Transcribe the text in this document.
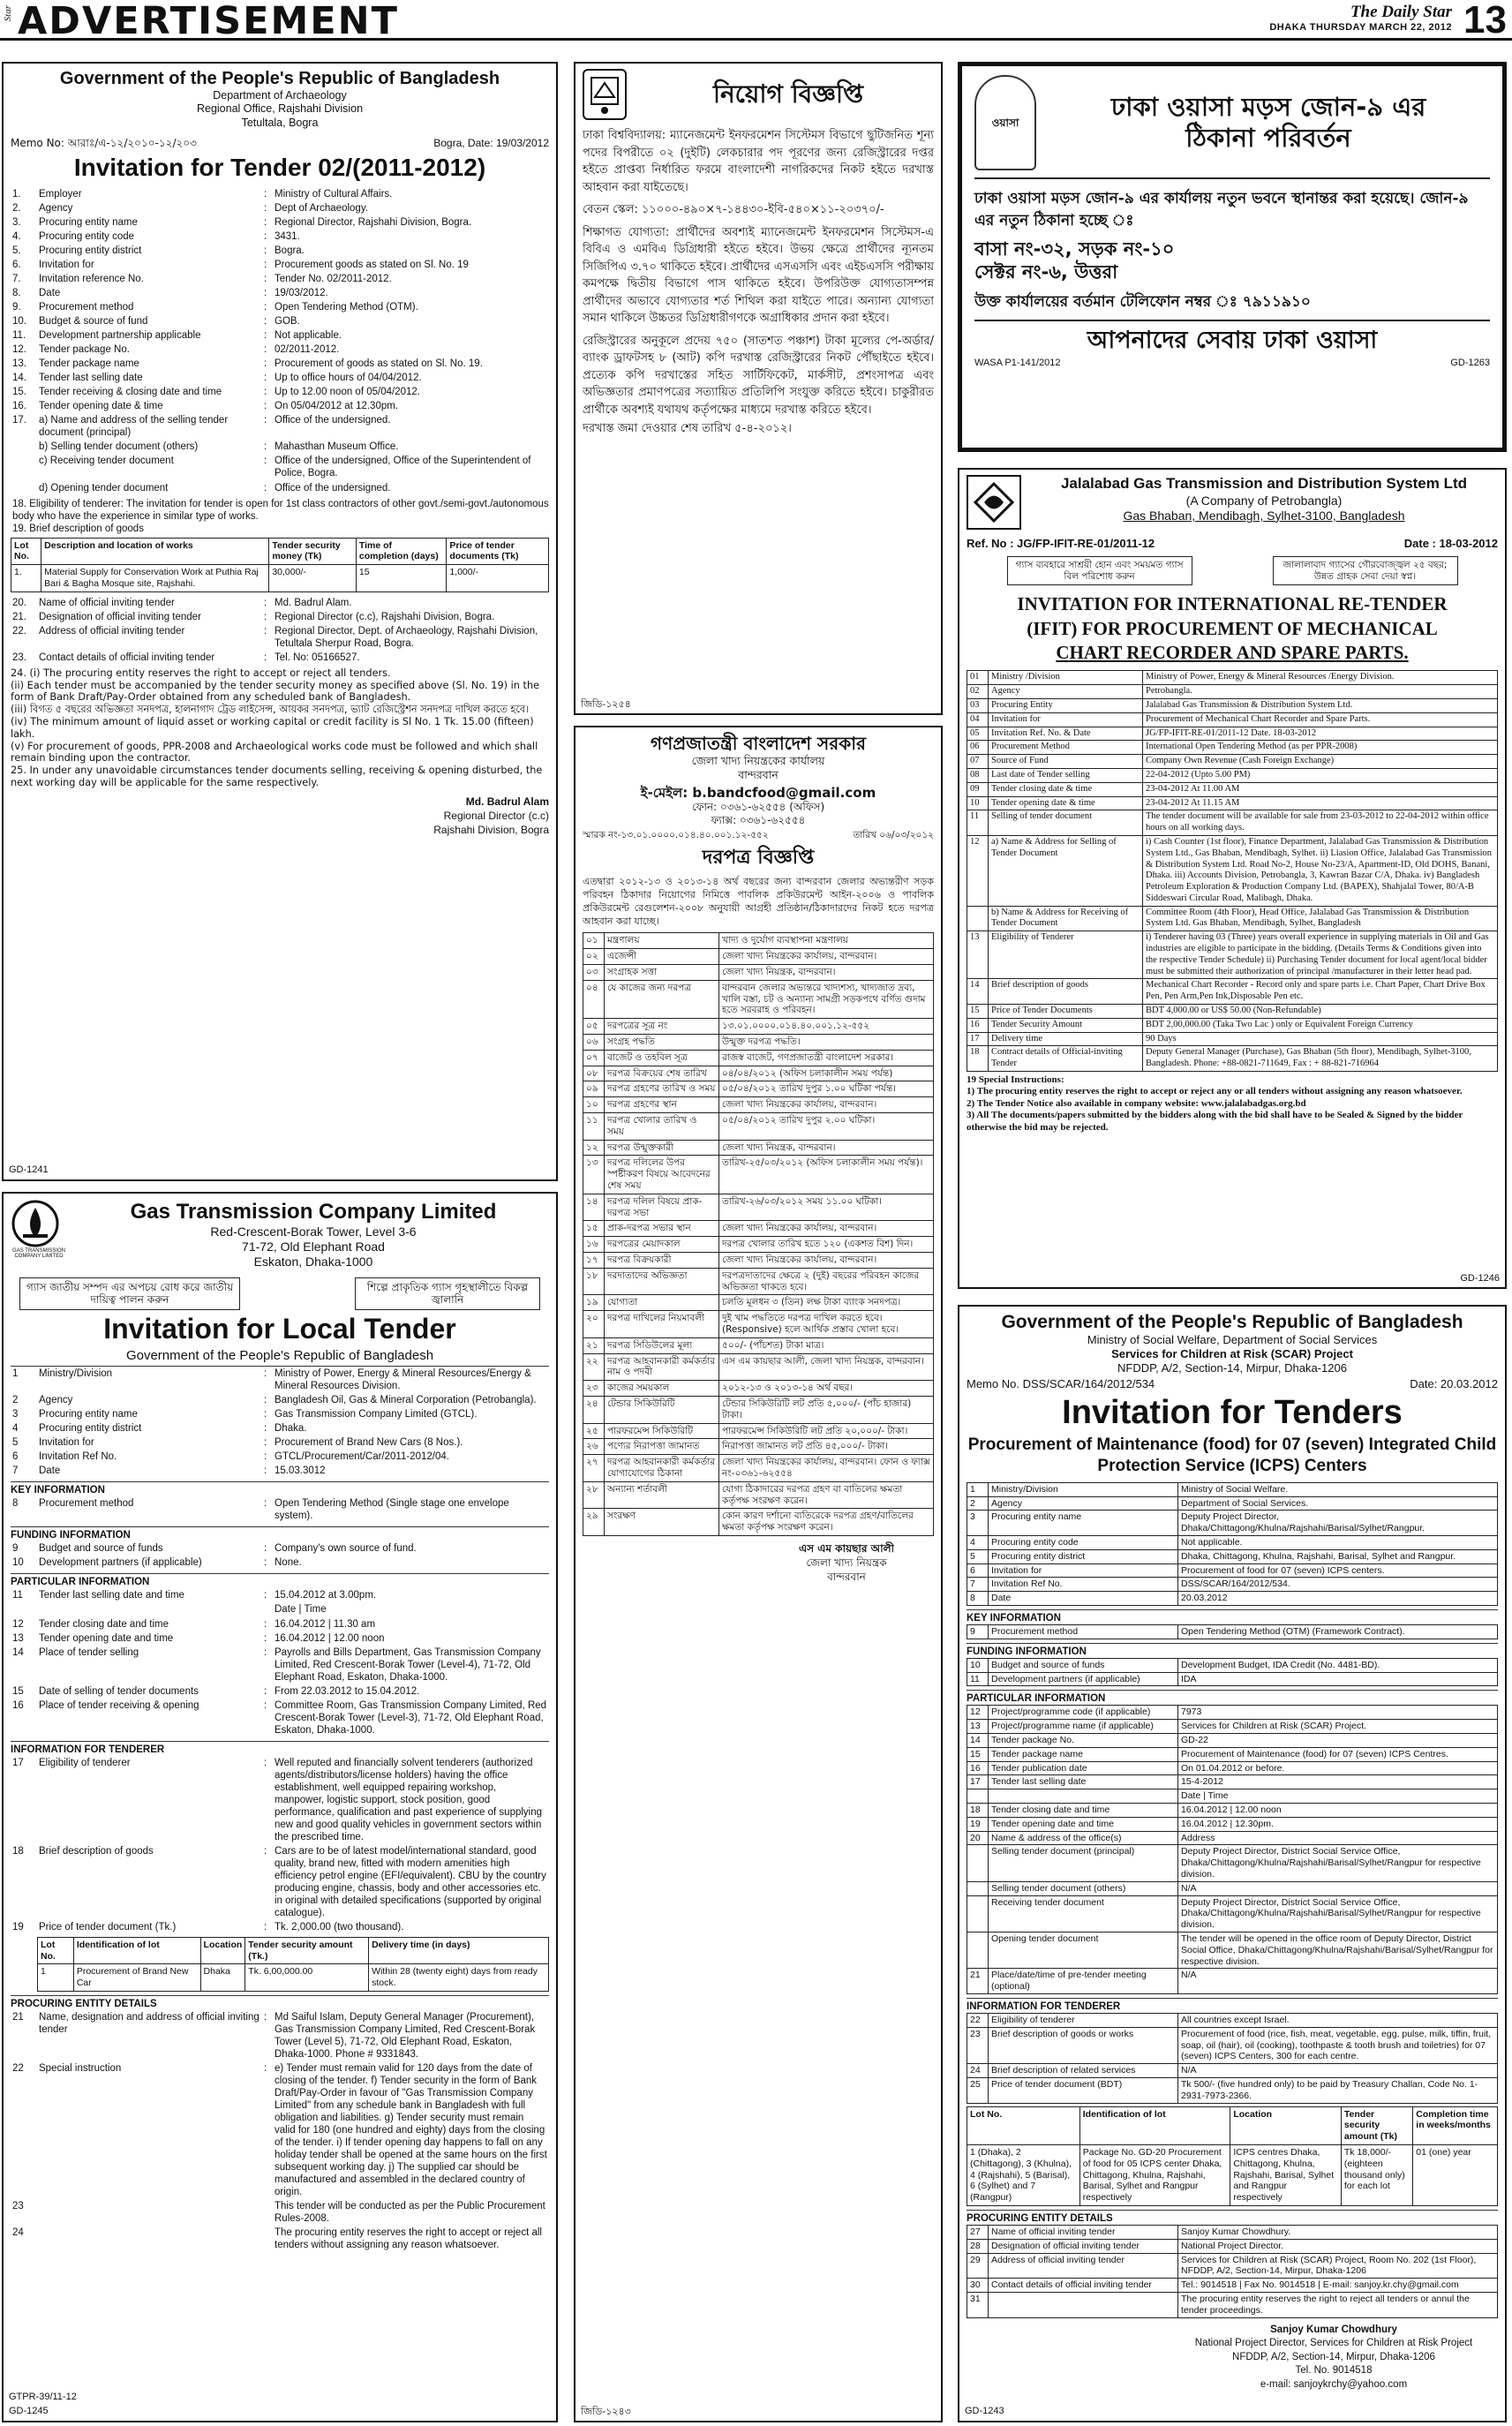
Star ADVERTISEMENT	The Daily Star
DHAKA THURSDAY MARCH 22, 2012 13
Government of the People's Republic of Bangladesh
Department of Archaeology
Regional Office, Rajshahi Division
Tetultala, Bogra
Memo No: আরাঃ/এ-১২/২০১০-১২/২০৩	Bogra, Date: 19/03/2012
Invitation for Tender 02/(2011-2012)
1.	Employer	:	Ministry of Cultural Affairs.
2.	Agency	:	Dept of Archaeology.
3.	Procuring entity name	:	Regional Director, Rajshahi Division, Bogra.
4.	Procuring entity code	:	3431.
5.	Procuring entity district	:	Bogra.
6.	Invitation for	:	Procurement goods as stated on Sl. No. 19
7.	Invitation reference No.	:	Tender No. 02/2011-2012.
8.	Date	:	19/03/2012.
9.	Procurement method	:	Open Tendering Method (OTM).
10.	Budget & source of fund	:	GOB.
11.	Development partnership applicable	:	Not applicable.
12.	Tender package No.	:	02/2011-2012.
13.	Tender package name	:	Procurement of goods as stated on Sl. No. 19.
14.	Tender last selling date	:	Up to office hours of 04/04/2012.
15.	Tender receiving & closing date and time	:	Up to 12.00 noon of 05/04/2012.
16.	Tender opening date & time	:	On 05/04/2012 at 12.30pm.
17.	a) Name and address of the selling tender document (principal)	:	Office of the undersigned.
	b) Selling tender document (others)	:	Mahasthan Museum Office.
	c) Receiving tender document	:	Office of the undersigned, Office of the Superintendent of Police, Bogra.
	d) Opening tender document	:	Office of the undersigned.
18. Eligibility of tenderer: The invitation for tender is open for 1st class contractors of other govt./semi-govt./autonomous body who have the experience in similar type of works.
19. Brief description of goods
Lot No.	Description and location of works	Tender security money (Tk)	Time of completion (days)	Price of tender documents (Tk)
1.	Material Supply for Conservation Work at Puthia Raj Bari & Bagha Mosque site, Rajshahi.	30,000/-	15	1,000/-
20.	Name of official inviting tender	:	Md. Badrul Alam.
21.	Designation of official inviting tender	:	Regional Director (c.c), Rajshahi Division, Bogra.
22.	Address of official inviting tender	:	Regional Director, Dept. of Archaeology, Rajshahi Division, Tetultala Sherpur Road, Bogra.
23.	Contact details of official inviting tender	:	Tel. No: 05166527.
24. (i) The procuring entity reserves the right to accept or reject all tenders.
(ii) Each tender must be accompanied by the tender security money as specified above (Sl. No. 19) in the form of Bank Draft/Pay-Order obtained from any scheduled bank of Bangladesh.
(iii) বিগত ৫ বছরের অভিজ্ঞতা সনদপত্র, হালনাগাদ ট্রেড লাইসেন্স, আয়কর সনদপত্র, ভ্যাট রেজিস্ট্রেশন সনদপত্র দাখিল করতে হবে।
(iv) The minimum amount of liquid asset or working capital or credit facility is Sl No. 1 Tk. 15.00 (fifteen) lakh.
(v) For procurement of goods, PPR-2008 and Archaeological works code must be followed and which shall remain binding upon the contractor.
25. In under any unavoidable circumstances tender documents selling, receiving & opening disturbed, the next working day will be applicable for the same respectively.
Md. Badrul Alam
Regional Director (c.c)
Rajshahi Division, Bogra
GD-1241
নিয়োগ বিজ্ঞপ্তি

ঢাকা বিশ্ববিদ্যালয়: ম্যানেজমেন্ট ইনফরমেশন সিস্টেমস বিভাগে ছুটিজনিত শূন্য পদের বিপরীতে ০২ (দুইটি) লেকচারার পদ পূরণের জন্য রেজিস্ট্রারের দপ্তর হইতে প্রাপ্তব্য নির্ধারিত ফরমে বাংলাদেশী নাগরিকদের নিকট হইতে দরখাস্ত আহবান করা যাইতেছে।

বেতন স্কেল: ১১০০০-৪৯০×৭-১৪৪৩০-ইবি-৫৪০×১১-২০৩৭০/-

শিক্ষাগত যোগ্যতা: প্রার্থীদের অবশ্যই ম্যানেজমেন্ট ইনফরমেশন সিস্টেমস-এ বিবিএ ও এমবিএ ডিগ্রিধারী হইতে হইবে। উভয় ক্ষেত্রে প্রার্থীদের ন্যূনতম সিজিপিএ ৩.৭০ থাকিতে হইবে। প্রার্থীদের এসএসসি এবং এইচএসসি পরীক্ষায় কমপক্ষে দ্বিতীয় বিভাগে পাস থাকিতে হইবে। উপরিউক্ত যোগ্যতাসম্পন্ন প্রার্থীদের অভাবে যোগ্যতার শর্ত শিথিল করা যাইতে পারে। অন্যান্য যোগ্যতা সমান থাকিলে উচ্চতর ডিগ্রিধারীগণকে অগ্রাধিকার প্রদান করা হইবে।

রেজিস্ট্রারের অনুকূলে প্রদেয় ৭৫০ (সাতশত পঞ্চাশ) টাকা মূল্যের পে-অর্ডার/ব্যাংক ড্রাফটসহ ৮ (আট) কপি দরখাস্ত রেজিস্ট্রারের নিকট পৌঁছাইতে হইবে। প্রত্যেক কপি দরখাস্তের সহিত সার্টিফিকেট, মার্কসীট, প্রশংসাপত্র এবং অভিজ্ঞতার প্রমাণপত্রের সত্যায়িত প্রতিলিপি সংযুক্ত করিতে হইবে। চাকুরীরত প্রার্থীকে অবশ্যই যথাযথ কর্তৃপক্ষের মাধ্যমে দরখাস্ত করিতে হইবে।

দরখাস্ত জমা দেওয়ার শেষ তারিখ ৫-৪-২০১২।

জিডি-১২৫৪
গণপ্রজাতন্ত্রী বাংলাদেশ সরকার
জেলা খাদ্য নিয়ন্ত্রকের কার্যালয়
বান্দরবান
ই-মেইল: b.bandcfood@gmail.com
ফোন: ০৩৬১-৬২৫৫৪ (অফিস)
ফ্যাক্স: ০৩৬১-৬২৫৫৪
স্মারক নং-১৩.০১.০০০০.০১৪.৪০.০০১.১২-৫৫২	তারিখ ০৬/০৩/২০১২
দরপত্র বিজ্ঞপ্তি

এতদ্বারা ২০১২-১৩ ও ২০১৩-১৪ অর্থ বছরের জন্য বান্দরবান জেলার অভ্যন্তরীণ সড়ক পরিবহন ঠিকাদার নিয়োগের নিমিত্তে পাবলিক প্রকিউরমেন্ট আইন-২০০৬ ও পাবলিক প্রকিউরমেন্ট রেগুলেশন-২০০৮ অনুযায়ী আগ্রহী প্রতিষ্ঠান/ঠিকাদারদের নিকট হতে দরপত্র আহবান করা যাচ্ছে।

০১	মন্ত্রণালয়	খাদ্য ও দুর্যোগ ব্যবস্থাপনা মন্ত্রণালয়
০২	এজেন্সী	জেলা খাদ্য নিয়ন্ত্রকের কার্যালয়, বান্দরবান।
০৩	সংগ্রাহক সত্তা	জেলা খাদ্য নিয়ন্ত্রক, বান্দরবান।
০৪	যে কাজের জন্য দরপত্র	বান্দরবান জেলার অভ্যন্তরে খাদ্যশস্য, খাদ্যজাত দ্রব্য, খালি বস্তা, চট ও অন্যান্য সামগ্রী সড়কপথে বর্ণিত গুদাম হতে সরবরাহ ও পরিবহন।
০৫	দরপত্রের সূত্র নং	১৩.০১.০০০০.০১৪.৪০.০০১.১২-৫৫২
০৬	সংগ্রহ পদ্ধতি	উন্মুক্ত দরপত্র পদ্ধতি।
০৭	বাজেট ও তহবিল সূত্র	রাজস্ব বাজেট, গণপ্রজাতন্ত্রী বাংলাদেশ সরকার।
০৮	দরপত্র বিক্রয়ের শেষ তারিখ	০৪/০৪/২০১২ (অফিস চলাকালীন সময় পর্যন্ত)
০৯	দরপত্র গ্রহণের তারিখ ও সময়	০৫/০৪/২০১২ তারিখ দুপুর ১.০০ ঘটিকা পর্যন্ত।
১০	দরপত্র গ্রহণের স্থান	জেলা খাদ্য নিয়ন্ত্রকের কার্যালয়, বান্দরবান।
১১	দরপত্র খোলার তারিখ ও সময়	০৫/০৪/২০১২ তারিখ দুপুর ২.০০ ঘটিকা।
১২	দরপত্র উন্মুক্তকারী	জেলা খাদ্য নিয়ন্ত্রক, বান্দরবান।
১৩	দরপত্র দলিলের উপর স্পষ্টীকরণ বিষয়ে আবেদনের শেষ সময়	তারিখ-২৫/০৩/২০১২ (অফিস চলাকালীন সময় পর্যন্ত)।
১৪	দরপত্র দলিল বিষয়ে প্রাক-দরপত্র সভা	তারিখ-২৬/০৩/২০১২ সময় ১১.০০ ঘটিকা।
১৫	প্রাক-দরপত্র সভার স্থান	জেলা খাদ্য নিয়ন্ত্রকের কার্যালয়, বান্দরবান।
১৬	দরপত্রের মেয়াদকাল	দরপত্র খোলার তারিখ হতে ১২০ (একশত বিশ) দিন।
১৭	দরপত্র বিক্রয়কারী	জেলা খাদ্য নিয়ন্ত্রকের কার্যালয়, বান্দরবান।
১৮	দরদাতাদের অভিজ্ঞতা	দরপত্রদাতাদের ক্ষেত্রে ২ (দুই) বছরের পরিবহন কাজের অভিজ্ঞতা থাকতে হবে।
১৯	যোগ্যতা	চলতি মূলধন ৩ (তিন) লক্ষ টাকা ব্যাংক সনদপত্র।
২০	দরপত্র দাখিলের নিয়মাবলী	দুই খাম পদ্ধতিতে দরপত্র দাখিল করতে হবে। (Responsive) হলে আর্থিক প্রস্তাব খোলা হবে।
২১	দরপত্র সিডিউলের মূল্য	৫০০/- (পাঁচশত) টাকা মাত্র।
২২	দরপত্র আহবানকারী কর্মকর্তার নাম ও পদবী	এস এম কায়ছার আলী, জেলা খাদ্য নিয়ন্ত্রক, বান্দরবান।
২৩	কাজের সময়কাল	২০১২-১৩ ও ২০১৩-১৪ অর্থ বছর।
২৪	টেন্ডার সিকিউরিটি	টেন্ডার সিকিউরিটি লট প্রতি ৫,০০০/- (পাঁচ হাজার) টাকা।
২৫	পারফরমেন্স সিকিউরিটি	পারফরমেন্স সিকিউরিটি লট প্রতি ২০,০০০/- টাকা।
২৬	পণ্যের নিরাপত্তা জামানত	নিরাপত্তা জামানত লট প্রতি ৪৫,০০০/- টাকা।
২৭	দরপত্র আহবানকারী কর্মকর্তার যোগাযোগের ঠিকানা	জেলা খাদ্য নিয়ন্ত্রকের কার্যালয়, বান্দরবান। ফোন ও ফ্যাক্স নং-০৩৬১-৬২৫৫৪
২৮	অন্যান্য শর্তাবলী	যোগ্য ঠিকাদারের দরপত্র গ্রহণ বা বাতিলের ক্ষমতা কর্তৃপক্ষ সংরক্ষণ করেন।
২৯	সংরক্ষণ	কোন কারণ দর্শানো ব্যতিরেকে দরপত্র গ্রহণ/বাতিলের ক্ষমতা কর্তৃপক্ষ সংরক্ষণ করেন।
এস এম কায়ছার আলী
জেলা খাদ্য নিয়ন্ত্রক
বান্দরবান
জিডি-১২৪৩
ওয়াসা
ঢাকা ওয়াসা মড়স জোন-৯ এর
ঠিকানা পরিবর্তন

ঢাকা ওয়াসা মড়স জোন-৯ এর কার্যালয় নতুন ভবনে স্থানান্তর করা হয়েছে। জোন-৯ এর নতুন ঠিকানা হচ্ছে ঃ

বাসা নং-৩২, সড়ক নং-১০

সেক্টর নং-৬, উত্তরা

উক্ত কার্যালয়ের বর্তমান টেলিফোন নম্বর ঃ ৭৯১১৯১০

আপনাদের সেবায় ঢাকা ওয়াসা
WASA P1-141/2012	GD-1263
Jalalabad Gas Transmission and Distribution System Ltd
(A Company of Petrobangla)
Gas Bhaban, Mendibagh, Sylhet-3100, Bangladesh
Ref. No : JG/FP-IFIT-RE-01/2011-12	Date : 18-03-2012
গ্যাস ব্যবহারে সাশ্রয়ী হোন এবং সময়মত গ্যাস বিল পরিশোধ করুন
জালালাবাদ গ্যাসের গৌরবোজ্জ্বল ২৫ বছর; উন্নত গ্রাহক সেবা দেয়া স্বপ্ন।
INVITATION FOR INTERNATIONAL RE-TENDER
(IFIT) FOR PROCUREMENT OF MECHANICAL
CHART RECORDER AND SPARE PARTS.
01	Ministry /Division	Ministry of Power, Energy & Mineral Resources /Energy Division.
02	Agency	Petrobangla.
03	Procuring Entity	Jalalabad Gas Transmission & Distribution System Ltd.
04	Invitation for	Procurement of Mechanical Chart Recorder and Spare Parts.
05	Invitation Ref. No. & Date	JG/FP-IFIT-RE-01/2011-12 Date. 18-03-2012
06	Procurement Method	International Open Tendering Method (as per PPR-2008)
07	Source of Fund	Company Own Revenue (Cash Foreign Exchange)
08	Last date of Tender selling	22-04-2012 (Upto 5.00 PM)
09	Tender closing date & time	23-04-2012 At 11.00 AM
10	Tender opening date & time	23-04-2012 At 11.15 AM
11	Selling of tender document	The tender document will be available for sale from 23-03-2012 to 22-04-2012 within office hours on all working days.
12	a) Name & Address for Selling of Tender Document	i) Cash Counter (1st floor), Finance Department, Jalalabad Gas Transmission & Distribution System Ltd., Gas Bhaban, Mendibagh, Sylhet. ii) Liasion Office, Jalalabad Gas Transmission & Distribution System Ltd. Road No-2, House No-23/A, Apartment-ID, Old DOHS, Banani, Dhaka. iii) Accounts Division, Petrobangla, 3, Kawran Bazar C/A, Dhaka. iv) Bangladesh Petroleum Exploration & Production Company Ltd. (BAPEX), Shahjalal Tower, 80/A-B Siddeswari Circular Road, Malibagh, Dhaka.
	b) Name & Address for Receiving of Tender Document	Committee Room (4th Floor), Head Office, Jalalabad Gas Transmission & Distribution System Ltd. Gas Bhaban, Mendibagh, Sylhet, Bangladesh
13	Eligibility of Tenderer	i) Tenderer having 03 (Three) years overall experience in supplying materials in Oil and Gas industries are eligible to participate in the bidding. (Details Terms & Conditions given into the respective Tender Schedule) ii) Purchasing Tender document for local agent/local bidder must be submitted their authorization of principal /manufacturer in their letter head pad.
14	Brief description of goods	Mechanical Chart Recorder - Record only and spare parts i.e. Chart Paper, Chart Drive Box Pen, Pen Arm,Pen Ink,Disposable Pen etc.
15	Price of Tender Documents	BDT 4,000.00 or US$ 50.00 (Non-Refundable)
16	Tender Security Amount	BDT 2,00,000.00 (Taka Two Lac ) only or Equivalent Foreign Currency
17	Delivery time	90 Days
18	Contract details of Official-inviting Tender	Deputy General Manager (Purchase), Gas Bhaban (5th floor), Mendibagh, Sylhet-3100, Bangladesh. Phone: +88-0821-711649, Fax : + 88-821-716964
19 Special Instructions:
1) The procuring entity reserves the right to accept or reject any or all tenders without assigning any reason whatsoever.
2) The Tender Notice also available in company website: www.jalalabadgas.org.bd
3) All The documents/papers submitted by the bidders along with the bid shall have to be Sealed & Signed by the bidder otherwise the bid may be rejected.
GD-1246
GAS TRANSMISSION COMPANY LIMITED
Gas Transmission Company Limited
Red-Crescent-Borak Tower, Level 3-6
71-72, Old Elephant Road
Eskaton, Dhaka-1000
গ্যাস জাতীয় সম্পদ এর অপচয় রোধ করে জাতীয় দায়িত্ব পালন করুন
শিল্পে প্রাকৃতিক গ্যাস গৃহস্থালীতে বিকল্প জ্বালানি
Invitation for Local Tender
Government of the People's Republic of Bangladesh
1	Ministry/Division	:	Ministry of Power, Energy & Mineral Resources/Energy & Mineral Resources Division.
2	Agency	:	Bangladesh Oil, Gas & Mineral Corporation (Petrobangla).
3	Procuring entity name	:	Gas Transmission Company Limited (GTCL).
4	Procuring entity district	:	Dhaka.
5	Invitation for	:	Procurement of Brand New Cars (8 Nos.).
6	Invitation Ref No.	:	GTCL/Procurement/Car/2011-2012/04.
7	Date	:	15.03.3012
KEY INFORMATION
8	Procurement method	:	Open Tendering Method (Single stage one envelope system).
FUNDING INFORMATION
9	Budget and source of funds	:	Company's own source of fund.
10	Development partners (if applicable)	:	None.
PARTICULAR INFORMATION
11	Tender last selling date and time	:	15.04.2012 at 3.00pm.
			Date | Time
12	Tender closing date and time	:	16.04.2012 | 11.30 am
13	Tender opening date and time	:	16.04.2012 | 12.00 noon
14	Place of tender selling	:	Payrolls and Bills Department, Gas Transmission Company Limited, Red Crescent-Borak Tower (Level-4), 71-72, Old Elephant Road, Eskaton, Dhaka-1000.
15	Date of selling of tender documents	:	From 22.03.2012 to 15.04.2012.
16	Place of tender receiving & opening	:	Committee Room, Gas Transmission Company Limited, Red Crescent-Borak Tower (Level-3), 71-72, Old Elephant Road, Eskaton, Dhaka-1000.
INFORMATION FOR TENDERER
17	Eligibility of tenderer	:	Well reputed and financially solvent tenderers (authorized agents/distributors/license holders) having the office establishment, well equipped repairing workshop, manpower, logistic support, stock position, good performance, qualification and past experience of supplying new and good quality vehicles in government sectors within the prescribed time.
18	Brief description of goods	:	Cars are to be of latest model/international standard, good quality, brand new, fitted with modern amenities high efficiency petrol engine (EFI/equivalent). CBU by the country producing engine, chassis, body and other accessories etc. in original with detailed specifications (supported by original catalogue).
19	Price of tender document (Tk.)	:	Tk. 2,000.00 (two thousand).
Lot No.	Identification of lot	Location	Tender security amount (Tk.)	Delivery time (in days)
1	Procurement of Brand New Car	Dhaka	Tk. 6,00,000.00	Within 28 (twenty eight) days from ready stock.
PROCURING ENTITY DETAILS
21	Name, designation and address of official inviting tender	:	Md Saiful Islam, Deputy General Manager (Procurement), Gas Transmission Company Limited, Red Crescent-Borak Tower (Level 5), 71-72, Old Elephant Road, Eskaton, Dhaka-1000. Phone # 9331843.
22	Special instruction	:	e) Tender must remain valid for 120 days from the date of closing of the tender. f) Tender security in the form of Bank Draft/Pay-Order in favour of "Gas Transmission Company Limited" from any schedule bank in Bangladesh with full obligation and liabilities. g) Tender security must remain valid for 180 (one hundred and eighty) days from the closing of the tender. i) If tender opening day happens to fall on any holiday tender shall be opened at the same hours on the first subsequent working day. j) The supplied car should be manufactured and assembled in the declared country of origin.
23			This tender will be conducted as per the Public Procurement Rules-2008.
24			The procuring entity reserves the right to accept or reject all tenders without assigning any reason whatsoever.
GTPR-39/11-12
GD-1245
Government of the People's Republic of Bangladesh
Ministry of Social Welfare, Department of Social Services
Services for Children at Risk (SCAR) Project
NFDDP, A/2, Section-14, Mirpur, Dhaka-1206
Memo No. DSS/SCAR/164/2012/534	Date: 20.03.2012
Invitation for Tenders
Procurement of Maintenance (food) for 07 (seven) Integrated Child Protection Service (ICPS) Centers
1	Ministry/Division	Ministry of Social Welfare.
2	Agency	Department of Social Services.
3	Procuring entity name	Deputy Project Director, Dhaka/Chittagong/Khulna/Rajshahi/Barisal/Sylhet/Rangpur.
4	Procuring entity code	Not applicable.
5	Procuring entity district	Dhaka, Chittagong, Khulna, Rajshahi, Barisal, Sylhet and Rangpur.
6	Invitation for	Procurement of food for 07 (seven) ICPS centers.
7	Invitation Ref No.	DSS/SCAR/164/2012/534.
8	Date	20.03.2012
KEY INFORMATION
9	Procurement method	Open Tendering Method (OTM) (Framework Contract).
FUNDING INFORMATION
10	Budget and source of funds	Development Budget, IDA Credit (No. 4481-BD).
11	Development partners (if applicable)	IDA
PARTICULAR INFORMATION
12	Project/programme code (if applicable)	7973
13	Project/programme name (if applicable)	Services for Children at Risk (SCAR) Project.
14	Tender package No.	GD-22
15	Tender package name	Procurement of Maintenance (food) for 07 (seven) ICPS Centres.
16	Tender publication date	On 01.04.2012 or before.
17	Tender last selling date	15-4-2012
		Date | Time
18	Tender closing date and time	16.04.2012 | 12.00 noon
19	Tender opening date and time	16.04.2012 | 12.30pm.
20	Name & address of the office(s)	Address
	Selling tender document (principal)	Deputy Project Director, District Social Service Office, Dhaka/Chittagong/Khulna/Rajshahi/Barisal/Sylhet/Rangpur for respective division.
	Selling tender document (others)	N/A
	Receiving tender document	Deputy Project Director, District Social Service Office, Dhaka/Chittagong/Khulna/Rajshahi/Barisal/Sylhet/Rangpur for respective division.
	Opening tender document	The tender will be opened in the office room of Deputy Director, District Social Office, Dhaka/Chittagong/Khulna/Rajshahi/Barisal/Sylhet/Rangpur for respective division.
21	Place/date/time of pre-tender meeting (optional)	N/A
INFORMATION FOR TENDERER
22	Eligibility of tenderer	All countries except Israel.
23	Brief description of goods or works	Procurement of food (rice, fish, meat, vegetable, egg, pulse, milk, tiffin, fruit, soap, oil (hair), oil (cooking), toothpaste & tooth brush and toiletries) for 07 (seven) ICPS Centers, 300 for each centre.
24	Brief description of related services	N/A
25	Price of tender document (BDT)	Tk 500/- (five hundred only) to be paid by Treasury Challan, Code No. 1-2931-7973-2366.
Lot No.	Identification of lot	Location	Tender security amount (Tk)	Completion time in weeks/months
1 (Dhaka), 2 (Chittagong), 3 (Khulna), 4 (Rajshahi), 5 (Barisal), 6 (Sylhet) and 7 (Rangpur)	Package No. GD-20 Procurement of food for 05 ICPS center Dhaka, Chittagong, Khulna, Rajshahi, Barisal, Sylhet and Rangpur respectively	ICPS centres Dhaka, Chittagong, Khulna, Rajshahi, Barisal, Sylhet and Rangpur respectively	Tk 18,000/- (eighteen thousand only) for each lot	01 (one) year
PROCURING ENTITY DETAILS
27	Name of official inviting tender	Sanjoy Kumar Chowdhury.
28	Designation of official inviting tender	National Project Director.
29	Address of official inviting tender	Services for Children at Risk (SCAR) Project, Room No. 202 (1st Floor), NFDDP, A/2, Section-14, Mirpur, Dhaka-1206
30	Contact details of official inviting tender	Tel.: 9014518 | Fax No. 9014518 | E-mail: sanjoy.kr.chy@gmail.com
31		The procuring entity reserves the right to reject all tenders or annul the tender proceedings.
Sanjoy Kumar Chowdhury
National Project Director, Services for Children at Risk Project
NFDDP, A/2, Section-14, Mirpur, Dhaka-1206
Tel. No. 9014518
e-mail: sanjoykrchy@yahoo.com
GD-1243
